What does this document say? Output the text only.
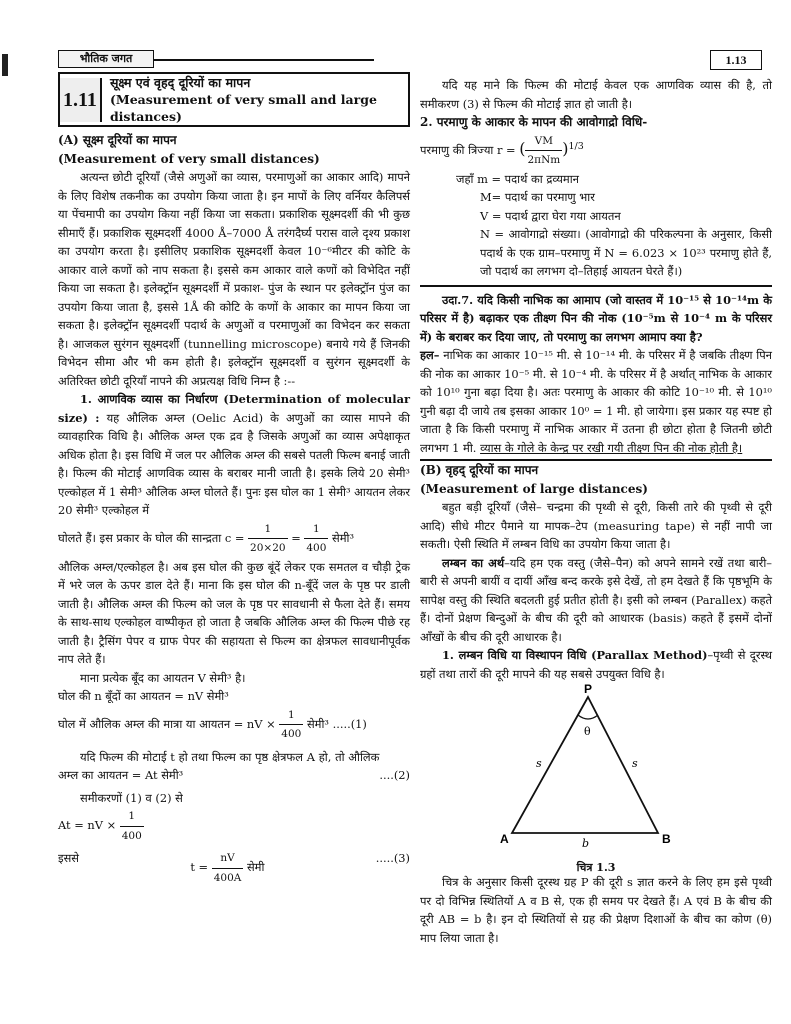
भौतिक जगत	1.13
1.11
सूक्ष्म एवं वृहद् दूरियों का मापन
(Measurement of very small and large distances)
(A) सूक्ष्म दूरियों का मापन
(Measurement of very small distances)

अत्यन्त छोटी दूरियाँ (जैसे अणुओं का व्यास, परमाणुओं का आकार आदि) मापने के लिए विशेष तकनीक का उपयोग किया जाता है। इन मापों के लिए वर्नियर कैलिपर्स या पेंचमापी का उपयोग किया नहीं किया जा सकता। प्रकाशिक सूक्ष्मदर्शी की भी कुछ सीमाएँ हैं। प्रकाशिक सूक्ष्मदर्शी 4000 Å–7000 Å तरंगदैर्घ्य परास वाले दृश्य प्रकाश का उपयोग करता है। इसीलिए प्रकाशिक सूक्ष्मदर्शी केवल 10⁻⁶मीटर की कोटि के आकार वाले कणों को नाप सकता है। इससे कम आकार वाले कणों को विभेदित नहीं किया जा सकता है। इलेक्ट्रॉन सूक्ष्मदर्शी में प्रकाश- पुंज के स्थान पर इलेक्ट्रॉन पुंज का उपयोग किया जाता है, इससे 1Å की कोटि के कणों के आकार का मापन किया जा सकता है। इलेक्ट्रॉन सूक्ष्मदर्शी पदार्थ के अणुओं व परमाणुओं का विभेदन कर सकता है। आजकल सुरंगन सूक्ष्मदर्शी (tunnelling microscope) बनाये गये हैं जिनकी विभेदन सीमा और भी कम होती है। इलेक्ट्रॉन सूक्ष्मदर्शी व सुरंगन सूक्ष्मदर्शी के अतिरिक्त छोटी दूरियाँ नापने की अप्रत्यक्ष विधि निम्न है :--

1. आणविक व्यास का निर्धारण (Determination of molecular size) : यह औलिक अम्ल (Oelic Acid) के अणुओं का व्यास मापने की व्यावहारिक विधि है। औलिक अम्ल एक द्रव है जिसके अणुओं का व्यास अपेक्षाकृत अधिक होता है। इस विधि में जल पर औलिक अम्ल की सबसे पतली फिल्म बनाई जाती है। फिल्म की मोटाई आणविक व्यास के बराबर मानी जाती है। इसके लिये 20 सेमी³ एल्कोहल में 1 सेमी³ औलिक अम्ल घोलते हैं। पुनः इस घोल का 1 सेमी³ आयतन लेकर 20 सेमी³ एल्कोहल में

घोलते हैं। इस प्रकार के घोल की सान्द्रता $c = \frac{1}{20\times 20} = \frac{1}{400}$ सेमी³

औलिक अम्ल/एल्कोहल है। अब इस घोल की कुछ बूंदें लेकर एक समतल व चौड़ी ट्रेक में भरे जल के ऊपर डाल देते हैं। माना कि इस घोल की n-बूँदें जल के पृष्ठ पर डाली जाती है। औलिक अम्ल की फिल्म को जल के पृष्ठ पर सावधानी से फैला देते हैं। समय के साथ-साथ एल्कोहल वाष्पीकृत हो जाता है जबकि औलिक अम्ल की फिल्म पीछे रह जाती है। ट्रैसिंग पेपर व ग्राफ पेपर की सहायता से फिल्म का क्षेत्रफल सावधानीपूर्वक नाप लेते हैं।

माना प्रत्येक बूँद का आयतन V सेमी³ है।

घोल की n बूँदों का आयतन = nV सेमी³

घोल में औलिक अम्ल की मात्रा या आयतन = nV × $\frac{1}{400}$ सेमी³ .....(1)

यदि फिल्म की मोटाई t हो तथा फिल्म का पृष्ठ क्षेत्रफल A हो, तो औलिक अम्ल का आयतन = At सेमी³	....(2)

समीकरणों (1) व (2) से

At = nV × $\frac{1}{400}$

इससे
$t = \frac{nV}{400A}$ सेमी
.....(3)

यदि यह माने कि फिल्म की मोटाई केवल एक आणविक व्यास की है, तो समीकरण (3) से फिल्म की मोटाई ज्ञात हो जाती है।

2. परमाणु के आकार के मापन की आवोगाद्रो विधि-

परमाणु की त्रिज्या r = ( $\frac{VM}{\text{2πNm}} )^{1/3}$

जहाँ m = पदार्थ का द्रव्यमान
M= पदार्थ का परमाणु भार
V = पदार्थ द्वारा घेरा गया आयतन
N = आवोगाद्रो संख्या। (आवोगाद्रो की परिकल्पना के अनुसार, किसी पदार्थ के एक ग्राम–परमाणु में N = 6.023 × 10²³ परमाणु होते हैं, जो पदार्थ का लगभग दो–तिहाई आयतन घेरते हैं।)

उदा.7. यदि किसी नाभिक का आमाप (जो वास्तव में 10⁻¹⁵ से 10⁻¹⁴m के परिसर में है) बढ़ाकर एक तीक्ष्ण पिन की नोक (10⁻⁵m से 10⁻⁴ m के परिसर में) के बराबर कर दिया जाए, तो परमाणु का लगभग आमाप क्या है?

हल– नाभिक का आकार 10⁻¹⁵ मी. से 10⁻¹⁴ मी. के परिसर में है जबकि तीक्ष्ण पिन की नोक का आकार 10⁻⁵ मी. से 10⁻⁴ मी. के परिसर में है अर्थात् नाभिक के आकार को 10¹⁰ गुना बढ़ा दिया है। अतः परमाणु के आकार की कोटि 10⁻¹⁰ मी. से 10¹⁰ गुनी बढ़ा दी जाये तब इसका आकार 10⁰ = 1 मी. हो जायेगा। इस प्रकार यह स्पष्ट हो जाता है कि किसी परमाणु में नाभिक आकार में उतना ही छोटा होता है जितनी छोटी लगभग 1 मी. व्यास के गोले के केन्द्र पर रखी गयी तीक्ष्ण पिन की नोक होती है।

(B) वृहद् दूरियों का मापन
(Measurement of large distances)

बहुत बड़ी दूरियाँ (जैसे– चन्द्रमा की पृथ्वी से दूरी, किसी तारे की पृथ्वी से दूरी आदि) सीधे मीटर पैमाने या मापक–टेप (measuring tape) से नहीं नापी जा सकती। ऐसी स्थिति में लम्बन विधि का उपयोग किया जाता है।

लम्बन का अर्थ–यदि हम एक वस्तु (जैसे–पैन) को अपने सामने रखें तथा बारी–बारी से अपनी बायीं व दायीं आँख बन्द करके इसे देखें, तो हम देखते हैं कि पृष्ठभूमि के सापेक्ष वस्तु की स्थिति बदलती हुई प्रतीत होती है। इसी को लम्बन (Parallex) कहते हैं। दोनों प्रेक्षण बिन्दुओं के बीच की दूरी को आधारक (basis) कहते हैं इसमें दोनों आँखों के बीच की दूरी आधारक है।

1. लम्बन विधि या विस्थापन विधि (Parallax Method)–पृथ्वी से दूरस्थ ग्रहों तथा तारों की दूरी मापने की यह सबसे उपयुक्त विधि है।

P
A	B
θ
s	s
b
चित्र 1.3

चित्र के अनुसार किसी दूरस्थ ग्रह P की दूरी s ज्ञात करने के लिए हम इसे पृथ्वी पर दो विभिन्न स्थितियों A व B से, एक ही समय पर देखते हैं। A एवं B के बीच की दूरी AB = b है। इन दो स्थितियों से ग्रह की प्रेक्षण दिशाओं के बीच का कोण (θ) माप लिया जाता है।
